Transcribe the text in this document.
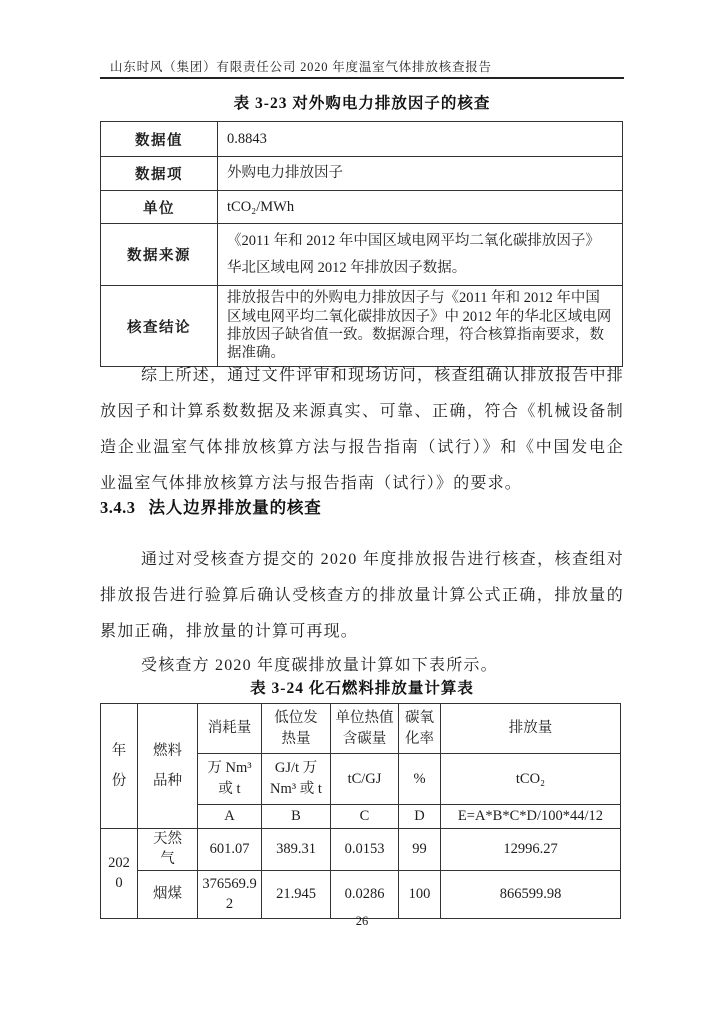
山东时风（集团）有限责任公司 2020 年度温室气体排放核查报告
表 3-23 对外购电力排放因子的核查
数据值	0.8843
数据项	外购电力排放因子
单位	tCO₂/MWh
数据来源	《2011 年和 2012 年中国区域电网平均二氧化碳排放因子》华北区域电网 2012 年排放因子数据。
核查结论	排放报告中的外购电力排放因子与《2011 年和 2012 年中国区域电网平均二氧化碳排放因子》中 2012 年的华北区域电网排放因子缺省值一致。数据源合理，符合核算指南要求，数据准确。

综上所述，通过文件评审和现场访问，核查组确认排放报告中排放因子和计算系数数据及来源真实、可靠、正确，符合《机械设备制造企业温室气体排放核算方法与报告指南（试行）》和《中国发电企业温室气体排放核算方法与报告指南（试行）》的要求。

3.4.3 法人边界排放量的核查

通过对受核查方提交的 2020 年度排放报告进行核查，核查组对排放报告进行验算后确认受核查方的排放量计算公式正确，排放量的累加正确，排放量的计算可再现。

受核查方 2020 年度碳排放量计算如下表所示。

表 3-24 化石燃料排放量计算表
年份	燃料品种	消耗量	低位发热量	单位热值含碳量	碳氧化率	排放量
		万 Nm³ 或 t	GJ/t 万 Nm³ 或 t	tC/GJ	%	tCO₂
		A	B	C	D	E=A*B*C*D/100*44/12
2020	天然气	601.07	389.31	0.0153	99	12996.27
	烟煤	376569.92	21.945	0.0286	100	866599.98
26
